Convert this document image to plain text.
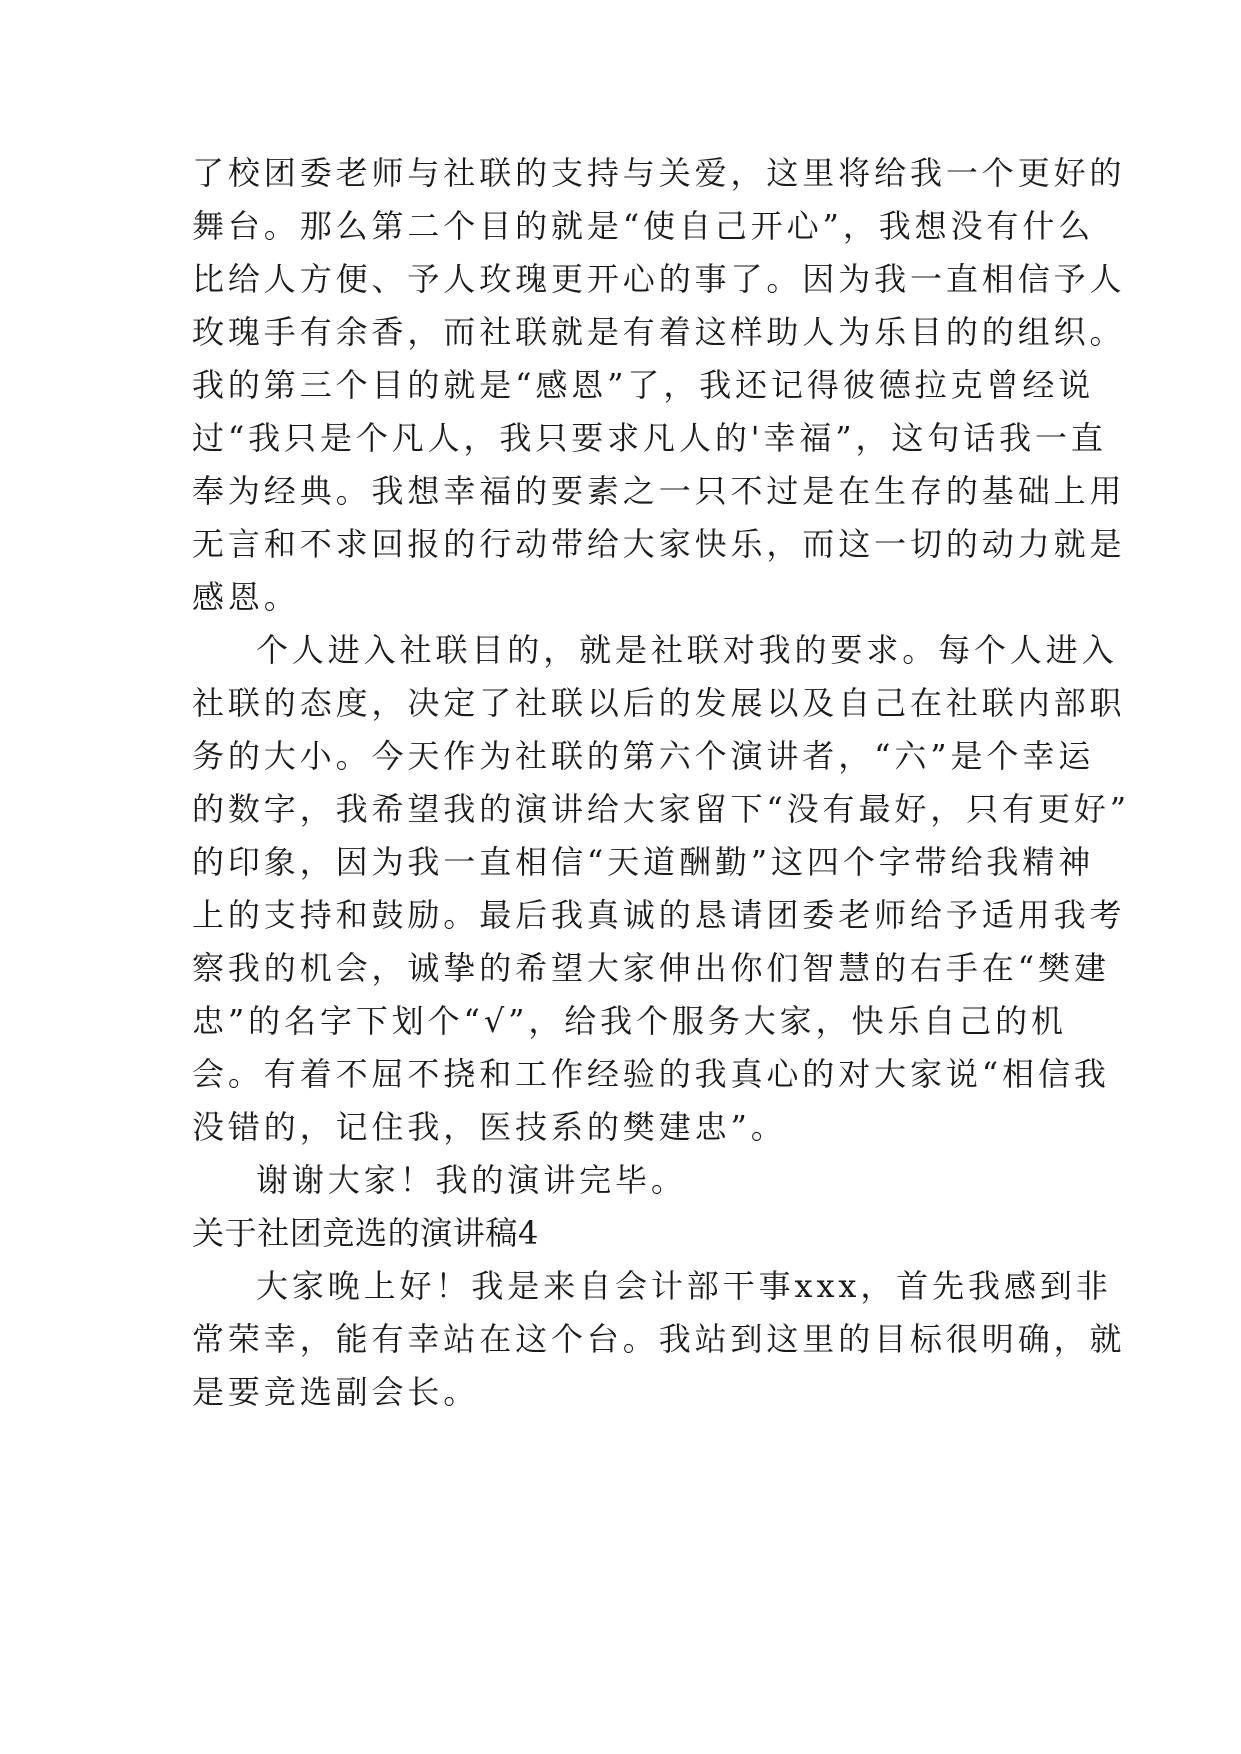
了校团委老师与社联的支持与关爱，这里将给我一个更好的
舞台。那么第二个目的就是“使自己开心”，我想没有什么
比给人方便、予人玫瑰更开心的事了。因为我一直相信予人
玫瑰手有余香，而社联就是有着这样助人为乐目的的组织。
我的第三个目的就是“感恩”了，我还记得彼德拉克曾经说
过“我只是个凡人，我只要求凡人的'幸福”，这句话我一直
奉为经典。我想幸福的要素之一只不过是在生存的基础上用
无言和不求回报的行动带给大家快乐，而这一切的动力就是
感恩。
个人进入社联目的，就是社联对我的要求。每个人进入
社联的态度，决定了社联以后的发展以及自己在社联内部职
务的大小。今天作为社联的第六个演讲者，“六”是个幸运
的数字，我希望我的演讲给大家留下“没有最好，只有更好”
的印象，因为我一直相信“天道酬勤”这四个字带给我精神
上的支持和鼓励。最后我真诚的恳请团委老师给予适用我考
察我的机会，诚挚的希望大家伸出你们智慧的右手在“樊建
忠”的名字下划个“√”，给我个服务大家，快乐自己的机
会。有着不屈不挠和工作经验的我真心的对大家说“相信我
没错的，记住我，医技系的樊建忠”。
谢谢大家！我的演讲完毕。
关于社团竞选的演讲稿4
大家晚上好！我是来自会计部干事xxx，首先我感到非
常荣幸，能有幸站在这个台。我站到这里的目标很明确，就
是要竞选副会长。
